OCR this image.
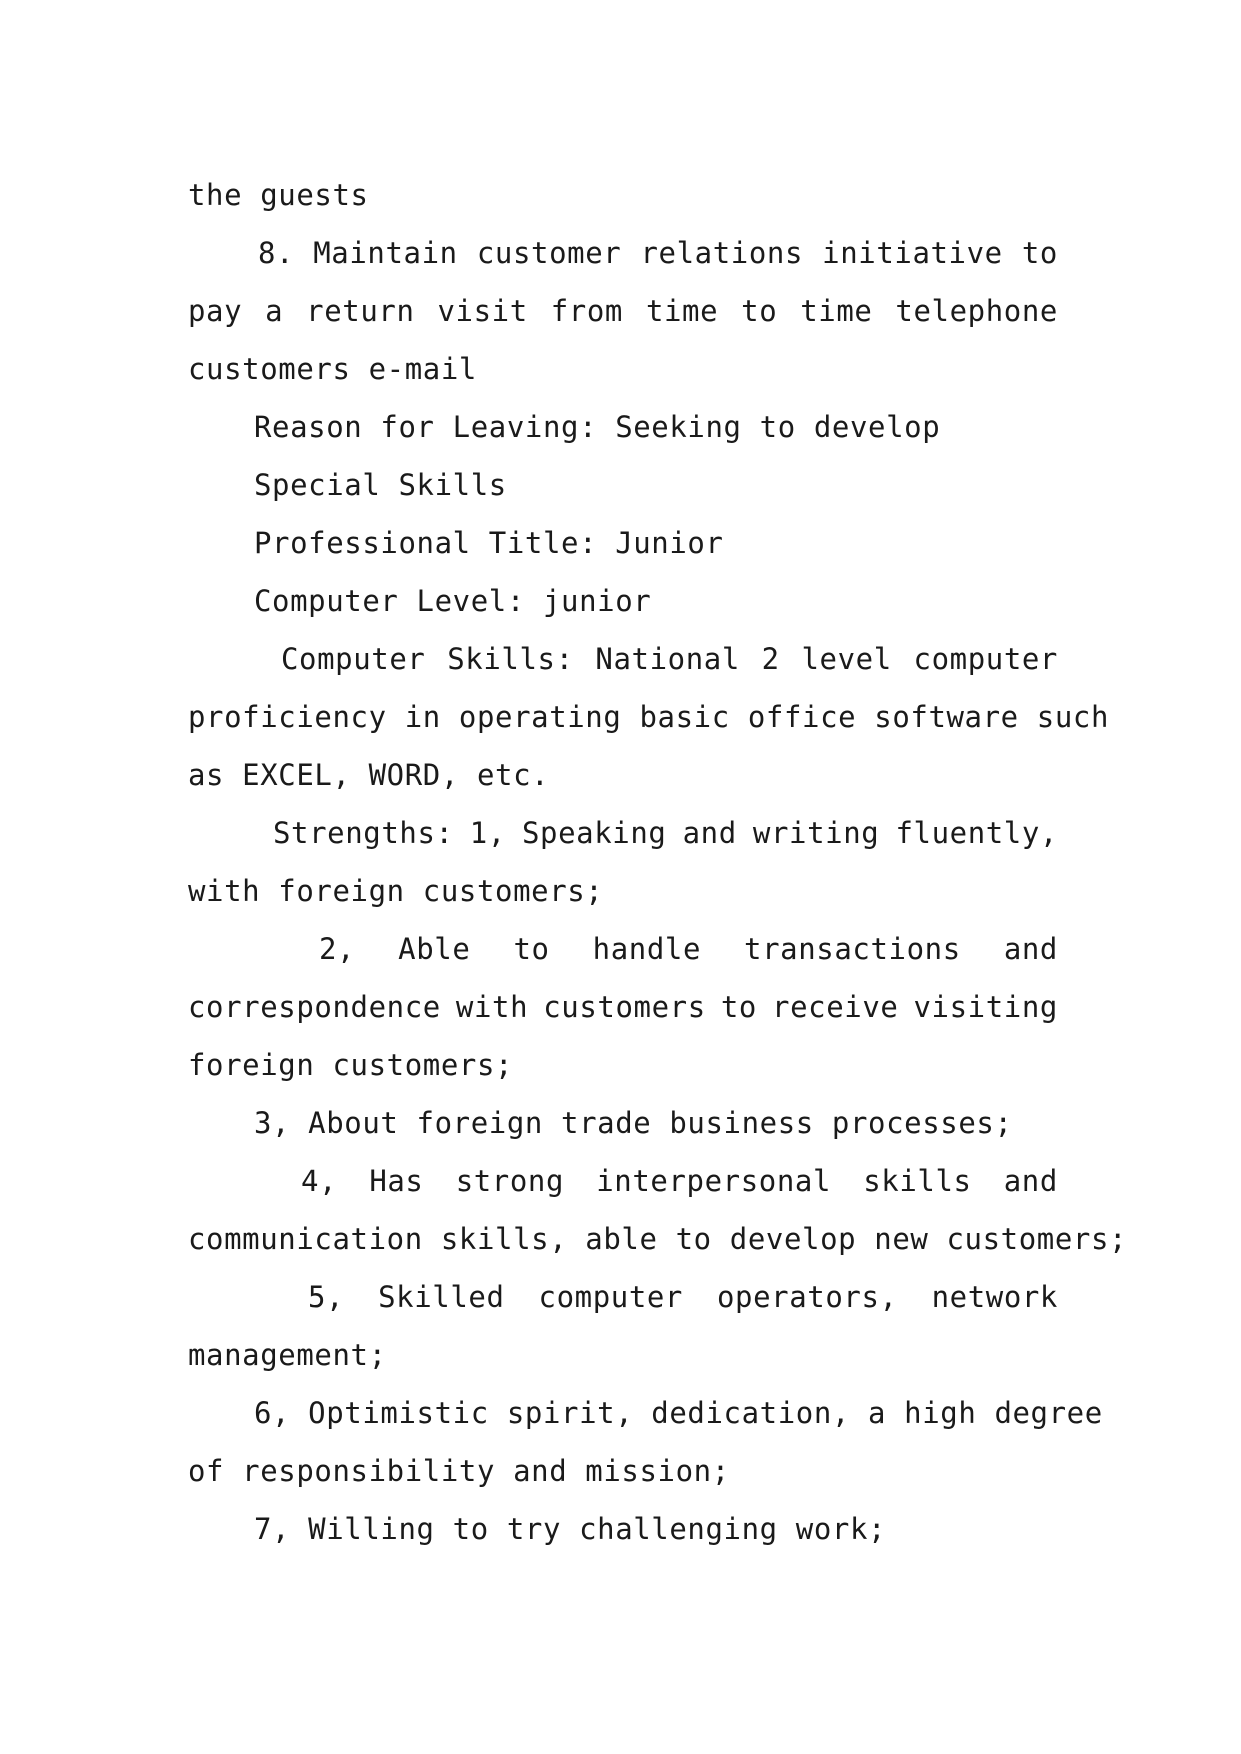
the guests
8. Maintain customer relations initiative to
pay a return visit from time to time telephone
customers e-mail
Reason for Leaving: Seeking to develop
Special Skills
Professional Title: Junior
Computer Level: junior
Computer Skills: National 2 level computer
proficiency in operating basic office software such
as EXCEL, WORD, etc.
Strengths: 1, Speaking and writing fluently,
with foreign customers;
2, Able to handle transactions and
correspondence with customers to receive visiting
foreign customers;
3, About foreign trade business processes;
4, Has strong interpersonal skills and
communication skills, able to develop new customers;
5, Skilled computer operators, network
management;
6, Optimistic spirit, dedication, a high degree
of responsibility and mission;
7, Willing to try challenging work;
